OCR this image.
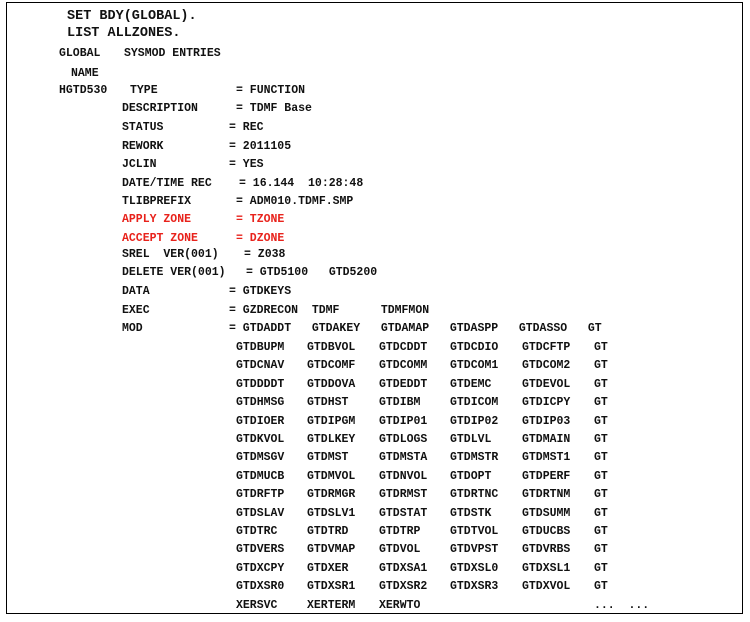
SET BDY(GLOBAL).
LIST ALLZONES.
GLOBAL SYSMOD ENTRIES
NAME
HGTD530 TYPE	= FUNCTION
DESCRIPTION	= TDMF Base
STATUS	= REC
REWORK	= 2011105
JCLIN	= YES
DATE/TIME REC = 16.144  10:28:48
TLIBPREFIX	= ADM010.TDMF.SMP
APPLY ZONE	= TZONE
ACCEPT ZONE	= DZONE
SREL  VER(001) = Z038
DELETE VER(001) = GTD5100   GTD5200
DATA	= GTDKEYS
EXEC	= GZDRECON  TDMF      TDMFMON
MOD	= GTDADDT   GTDAKEY   GTDAMAP   GTDASPP   GTDASSO   GT
GTDBUPM GTDBVOL GTDCDDT GTDCDIO GTDCFTP GT
GTDCNAV GTDCOMF GTDCOMM GTDCOM1 GTDCOM2 GT
GTDDDDT GTDDOVA GTDEDDT GTDEMC	GTDEVOL GT
GTDHMSG GTDHST	GTDIBM	GTDICOM GTDICPY GT
GTDIOER GTDIPGM GTDIP01 GTDIP02 GTDIP03 GT
GTDKVOL GTDLKEY GTDLOGS GTDLVL	GTDMAIN GT
GTDMSGV GTDMST	GTDMSTA GTDMSTR GTDMST1 GT
GTDMUCB GTDMVOL GTDNVOL GTDOPT	GTDPERF GT
GTDRFTP GTDRMGR GTDRMST GTDRTNC GTDRTNM GT
GTDSLAV GTDSLV1 GTDSTAT GTDSTK	GTDSUMM GT
GTDTRC	GTDTRD	GTDTRP	GTDTVOL GTDUCBS GT
GTDVERS GTDVMAP GTDVOL	GTDVPST GTDVRBS GT
GTDXCPY GTDXER	GTDXSA1 GTDXSL0 GTDXSL1 GT
GTDXSR0 GTDXSR1 GTDXSR2 GTDXSR3 GTDXVOL GT
XERSVC	XERTERM XERWTO	...  ...
